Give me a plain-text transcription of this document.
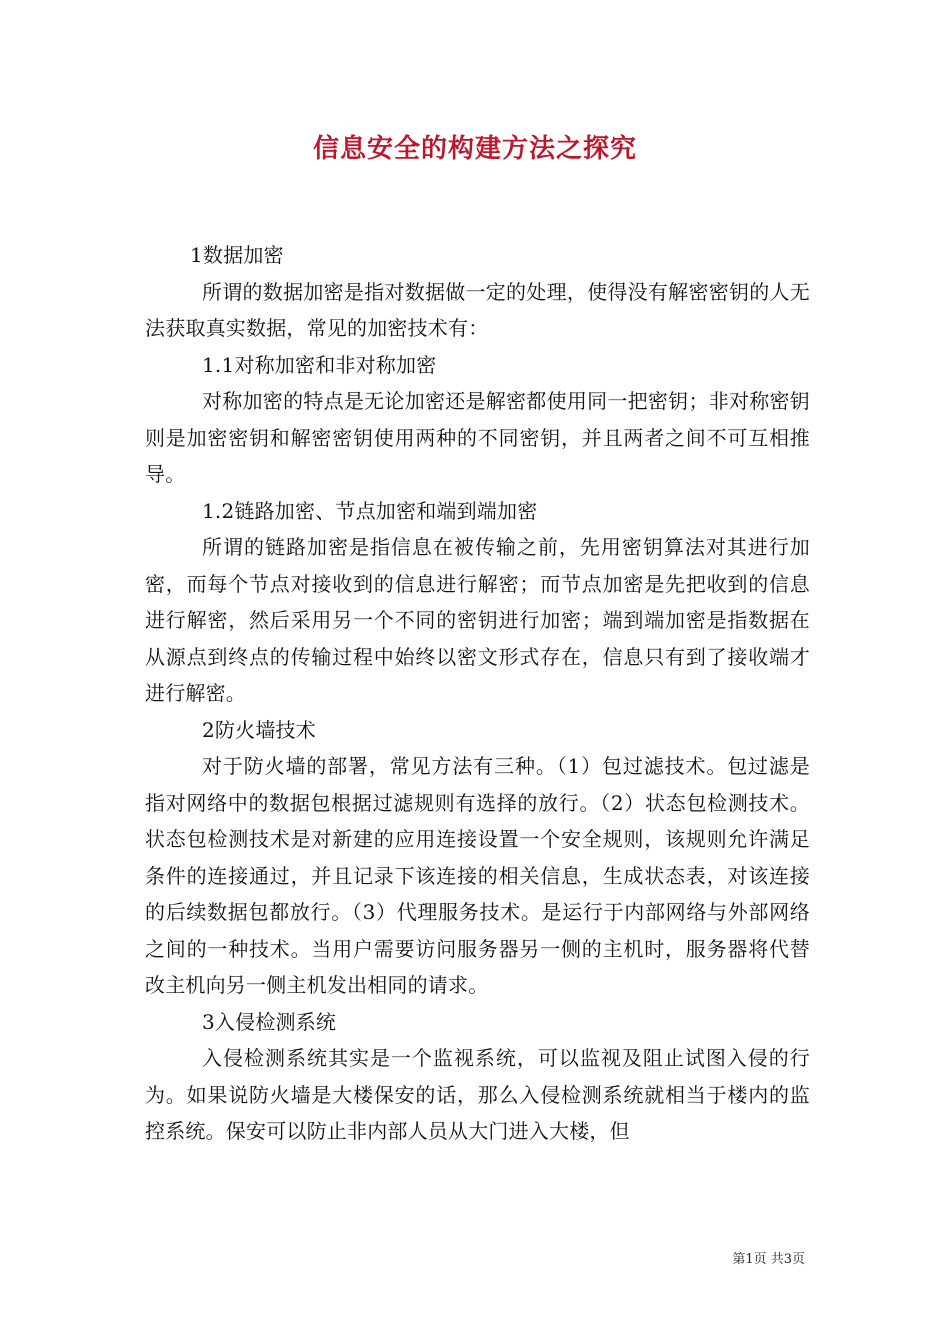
信息安全的构建方法之探究

1数据加密

所谓的数据加密是指对数据做一定的处理，使得没有解密密钥的人无法获取真实数据，常见的加密技术有：

1.1对称加密和非对称加密

对称加密的特点是无论加密还是解密都使用同一把密钥；非对称密钥则是加密密钥和解密密钥使用两种的不同密钥，并且两者之间不可互相推导。

1.2链路加密、节点加密和端到端加密

所谓的链路加密是指信息在被传输之前，先用密钥算法对其进行加密，而每个节点对接收到的信息进行解密；而节点加密是先把收到的信息进行解密，然后采用另一个不同的密钥进行加密；端到端加密是指数据在从源点到终点的传输过程中始终以密文形式存在，信息只有到了接收端才进行解密。

2防火墙技术

对于防火墙的部署，常见方法有三种。（1）包过滤技术。包过滤是指对网络中的数据包根据过滤规则有选择的放行。（2）状态包检测技术。状态包检测技术是对新建的应用连接设置一个安全规则，该规则允许满足条件的连接通过，并且记录下该连接的相关信息，生成状态表，对该连接的后续数据包都放行。（3）代理服务技术。是运行于内部网络与外部网络之间的一种技术。当用户需要访问服务器另一侧的主机时，服务器将代替改主机向另一侧主机发出相同的请求。

3入侵检测系统

入侵检测系统其实是一个监视系统，可以监视及阻止试图入侵的行为。如果说防火墙是大楼保安的话，那么入侵检测系统就相当于楼内的监控系统。保安可以防止非内部人员从大门进入大楼，但

第1页 共3页
